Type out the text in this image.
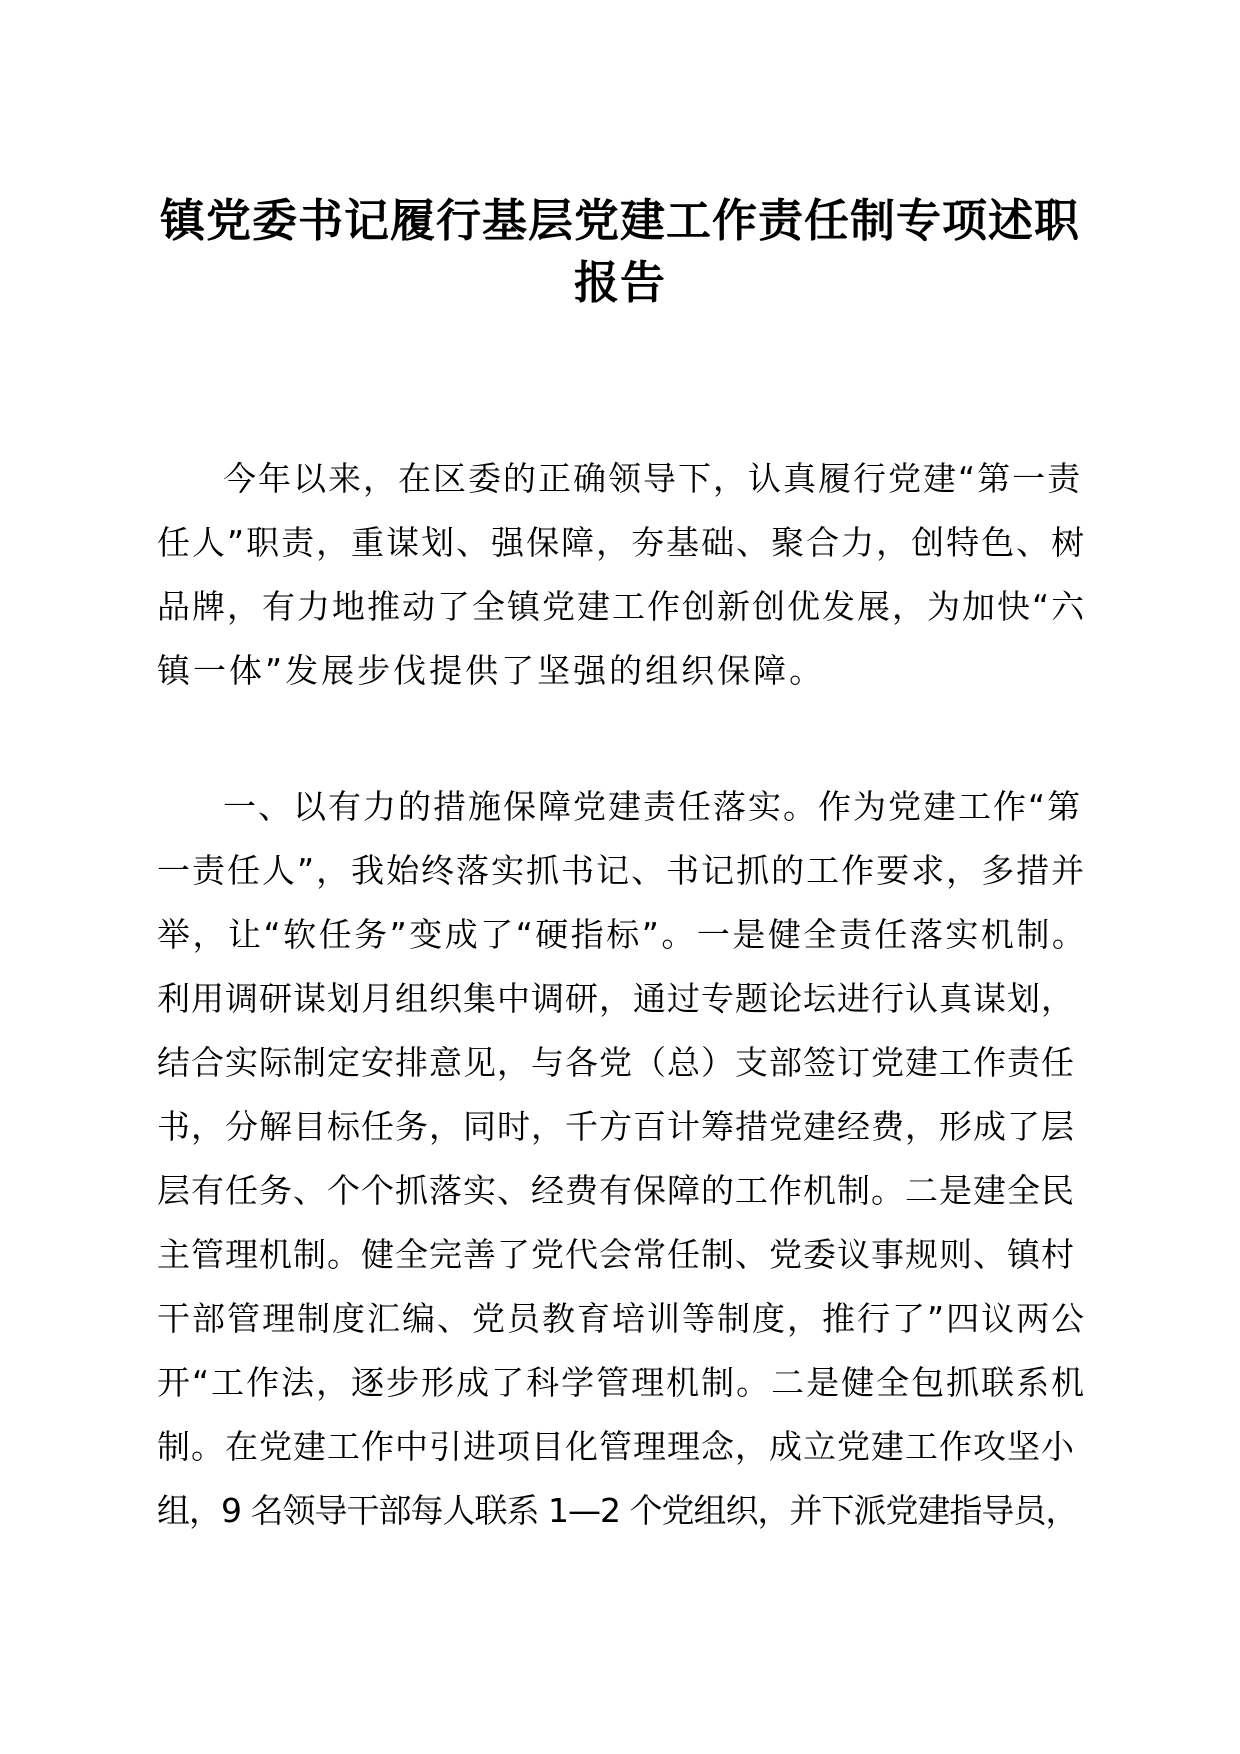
镇党委书记履行基层党建工作责任制专项述职
报告
今年以来，在区委的正确领导下，认真履行党建“第一责
任人”职责，重谋划、强保障，夯基础、聚合力，创特色、树
品牌，有力地推动了全镇党建工作创新创优发展，为加快“六
镇一体”发展步伐提供了坚强的组织保障。
一、以有力的措施保障党建责任落实。作为党建工作“第
一责任人”，我始终落实抓书记、书记抓的工作要求，多措并
举，让“软任务”变成了“硬指标”。一是健全责任落实机制。
利用调研谋划月组织集中调研，通过专题论坛进行认真谋划，
结合实际制定安排意见，与各党（总）支部签订党建工作责任
书，分解目标任务，同时，千方百计筹措党建经费，形成了层
层有任务、个个抓落实、经费有保障的工作机制。二是建全民
主管理机制。健全完善了党代会常任制、党委议事规则、镇村
干部管理制度汇编、党员教育培训等制度，推行了”四议两公
开“工作法，逐步形成了科学管理机制。二是健全包抓联系机
制。在党建工作中引进项目化管理理念，成立党建工作攻坚小
组，9 名领导干部每人联系 1—2 个党组织，并下派党建指导员，
